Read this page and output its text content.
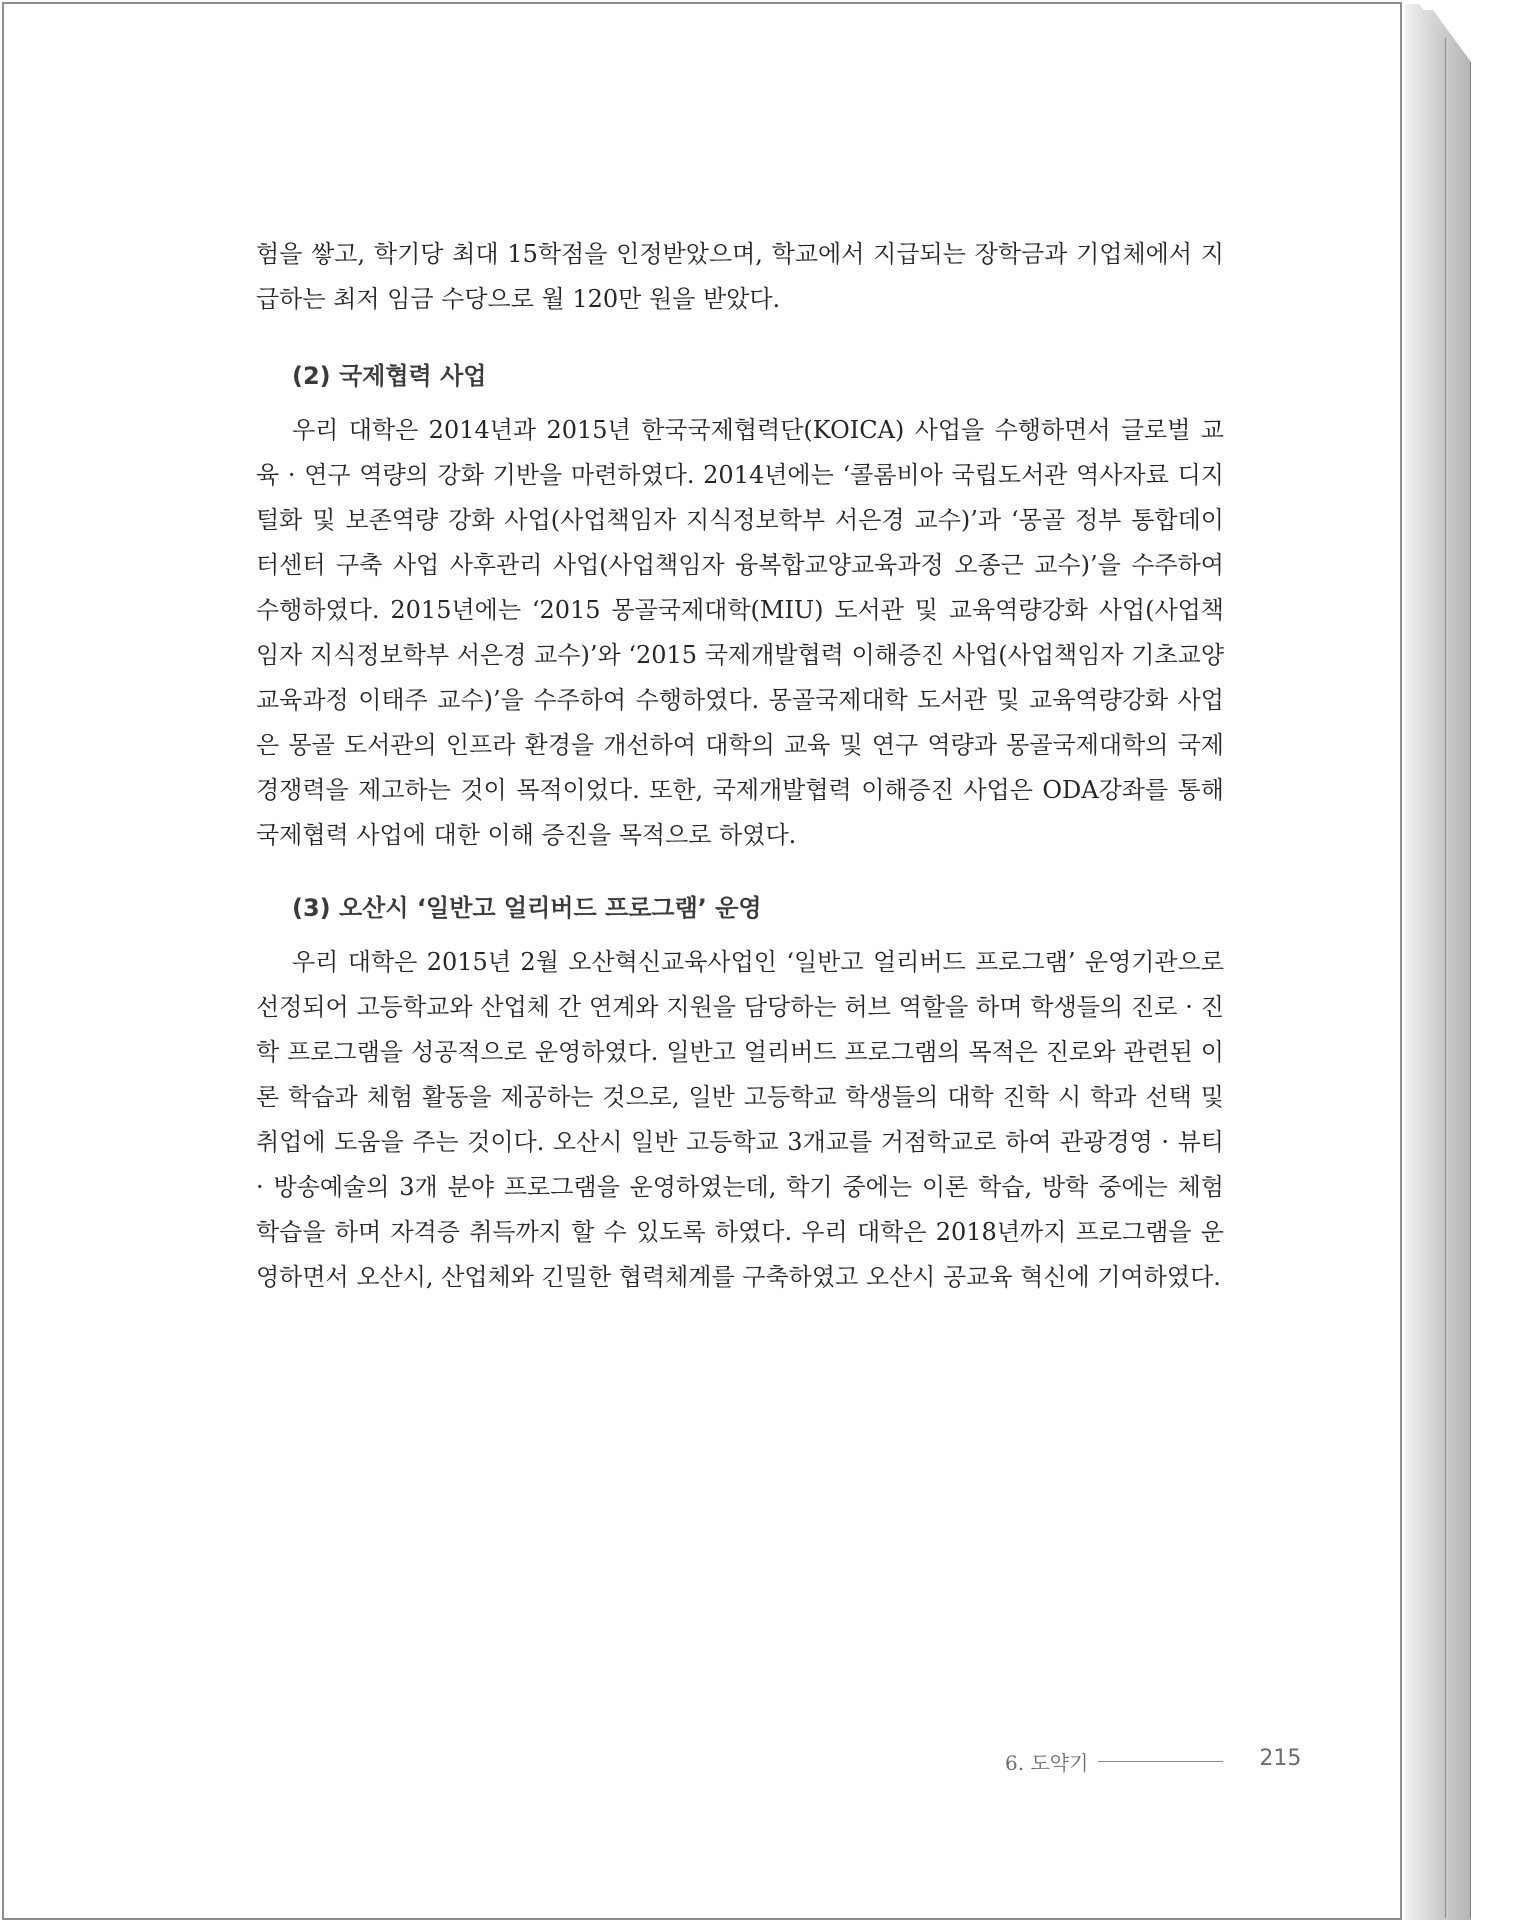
험을 쌓고, 학기당 최대 15학점을 인정받았으며, 학교에서 지급되는 장학금과 기업체에서 지급하는 최저 임금 수당으로 월 120만 원을 받았다.

(2) 국제협력 사업

우리 대학은 2014년과 2015년 한국국제협력단(KOICA) 사업을 수행하면서 글로벌 교육 · 연구 역량의 강화 기반을 마련하였다. 2014년에는 ‘콜롬비아 국립도서관 역사자료 디지털화 및 보존역량 강화 사업(사업책임자 지식정보학부 서은경 교수)’과 ‘몽골 정부 통합데이터센터 구축 사업 사후관리 사업(사업책임자 융복합교양교육과정 오종근 교수)’을 수주하여 수행하였다. 2015년에는 ‘2015 몽골국제대학(MIU) 도서관 및 교육역량강화 사업(사업책임자 지식정보학부 서은경 교수)’와 ‘2015 국제개발협력 이해증진 사업(사업책임자 기초교양교육과정 이태주 교수)’을 수주하여 수행하였다. 몽골국제대학 도서관 및 교육역량강화 사업은 몽골 도서관의 인프라 환경을 개선하여 대학의 교육 및 연구 역량과 몽골국제대학의 국제경쟁력을 제고하는 것이 목적이었다. 또한, 국제개발협력 이해증진 사업은 ODA강좌를 통해 국제협력 사업에 대한 이해 증진을 목적으로 하였다.

(3) 오산시 ‘일반고 얼리버드 프로그램’ 운영

우리 대학은 2015년 2월 오산혁신교육사업인 ‘일반고 얼리버드 프로그램’ 운영기관으로 선정되어 고등학교와 산업체 간 연계와 지원을 담당하는 허브 역할을 하며 학생들의 진로 · 진학 프로그램을 성공적으로 운영하였다. 일반고 얼리버드 프로그램의 목적은 진로와 관련된 이론 학습과 체험 활동을 제공하는 것으로, 일반 고등학교 학생들의 대학 진학 시 학과 선택 및 취업에 도움을 주는 것이다. 오산시 일반 고등학교 3개교를 거점학교로 하여 관광경영 · 뷰티 · 방송예술의 3개 분야 프로그램을 운영하였는데, 학기 중에는 이론 학습, 방학 중에는 체험 학습을 하며 자격증 취득까지 할 수 있도록 하였다. 우리 대학은 2018년까지 프로그램을 운영하면서 오산시, 산업체와 긴밀한 협력체계를 구축하였고 오산시 공교육 혁신에 기여하였다.

6. 도약기	215
